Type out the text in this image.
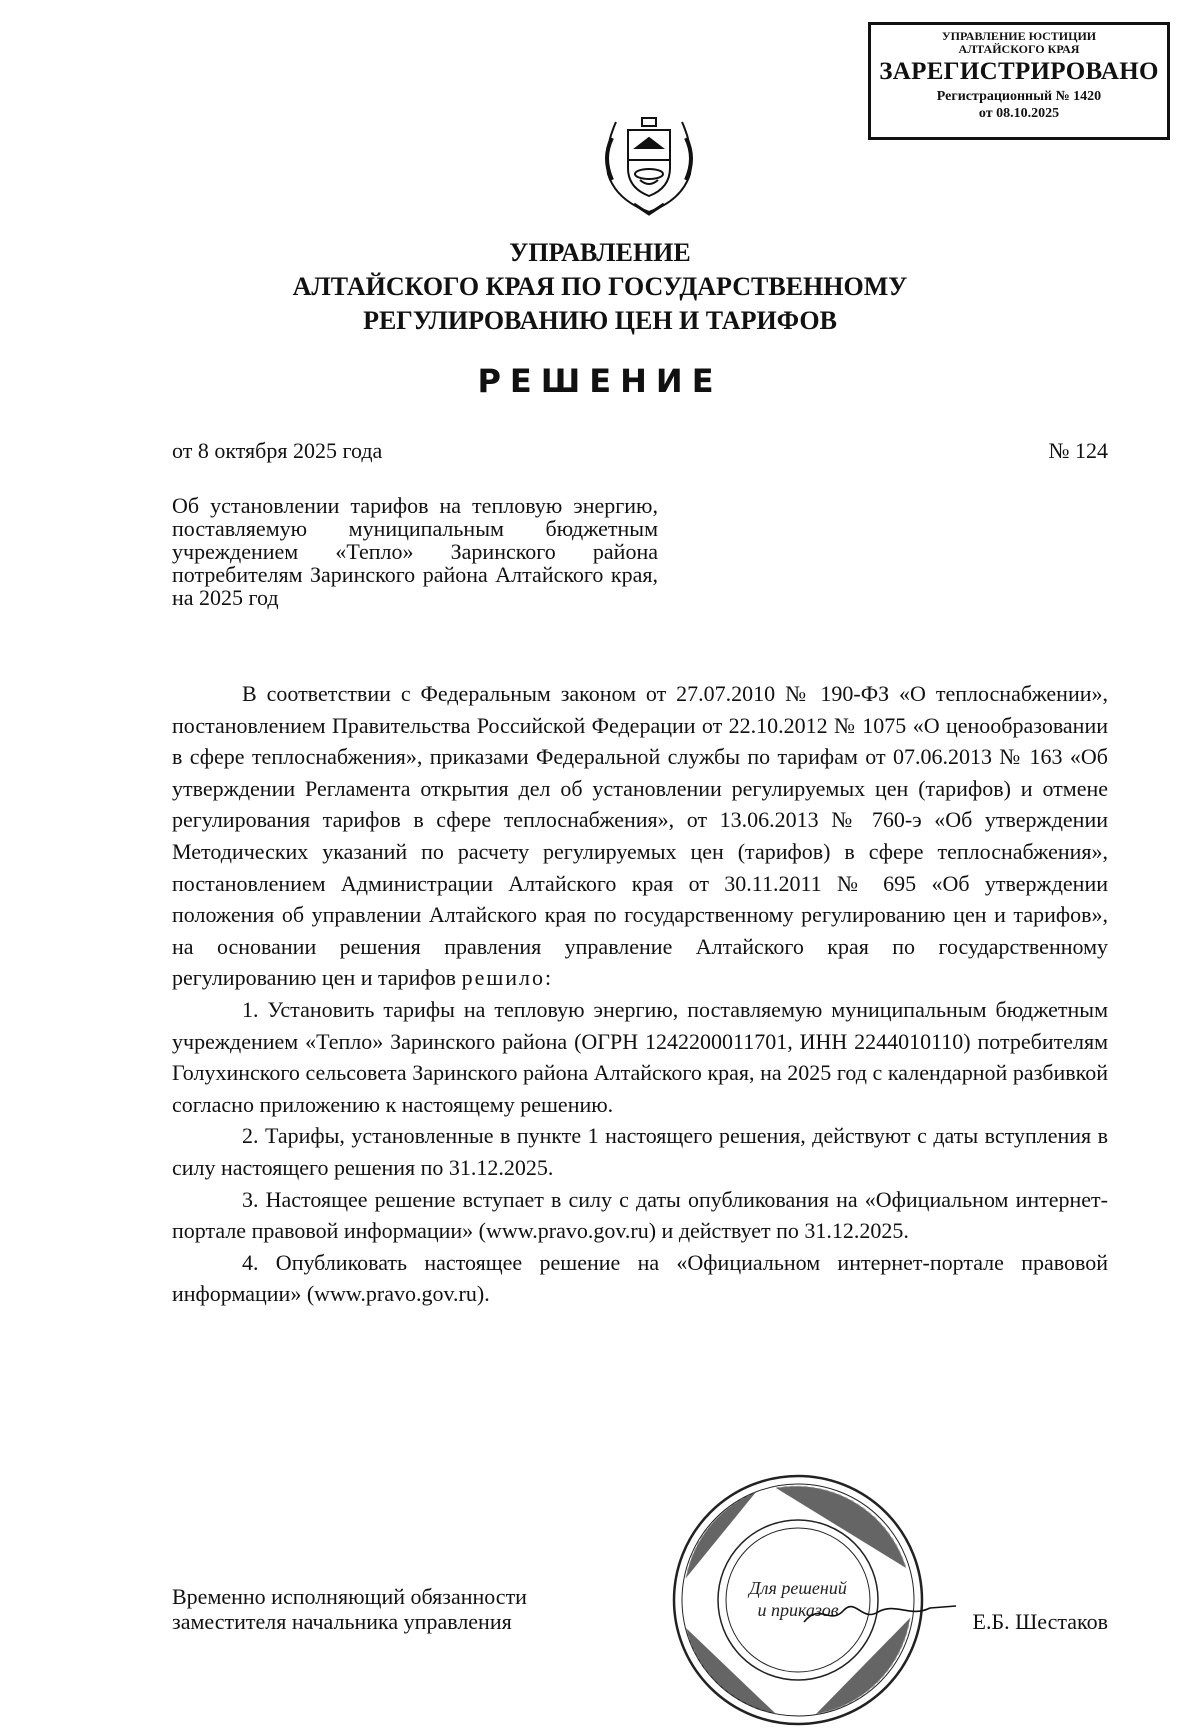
УПРАВЛЕНИЕ ЮСТИЦИИ
АЛТАЙСКОГО КРАЯ
ЗАРЕГИСТРИРОВАНО
Регистрационный № 1420
от 08.10.2025
УПРАВЛЕНИЕ
АЛТАЙСКОГО КРАЯ ПО ГОСУДАРСТВЕННОМУ
РЕГУЛИРОВАНИЮ ЦЕН И ТАРИФОВ
РЕШЕНИЕ
от 8 октября 2025 года	№ 124
Об установлении тарифов на тепловую энергию, поставляемую муниципальным бюджетным учреждением «Тепло» Заринского района потребителям Заринского района Алтайского края, на 2025 год

В соответствии с Федеральным законом от 27.07.2010 № 190-ФЗ «О теплоснабжении», постановлением Правительства Российской Федерации от 22.10.2012 № 1075 «О ценообразовании в сфере теплоснабжения», приказами Федеральной службы по тарифам от 07.06.2013 № 163 «Об утверждении Регламента открытия дел об установлении регулируемых цен (тарифов) и отмене регулирования тарифов в сфере теплоснабжения», от 13.06.2013 № 760-э «Об утверждении Методических указаний по расчету регулируемых цен (тарифов) в сфере теплоснабжения», постановлением Администрации Алтайского края от 30.11.2011 № 695 «Об утверждении положения об управлении Алтайского края по государственному регулированию цен и тарифов», на основании решения правления управление Алтайского края по государственному регулированию цен и тарифов решило:

1. Установить тарифы на тепловую энергию, поставляемую муниципальным бюджетным учреждением «Тепло» Заринского района (ОГРН 1242200011701, ИНН 2244010110) потребителям Голухинского сельсовета Заринского района Алтайского края, на 2025 год с календарной разбивкой согласно приложению к настоящему решению.

2. Тарифы, установленные в пункте 1 настоящего решения, действуют с даты вступления в силу настоящего решения по 31.12.2025.

3. Настоящее решение вступает в силу с даты опубликования на «Официальном интернет-портале правовой информации» (www.pravo.gov.ru) и действует по 31.12.2025.

4. Опубликовать настоящее решение на «Официальном интернет-портале правовой информации» (www.pravo.gov.ru).

Для решений
и приказов
Временно исполняющий обязанности
заместителя начальника управления	Е.Б. Шестаков
